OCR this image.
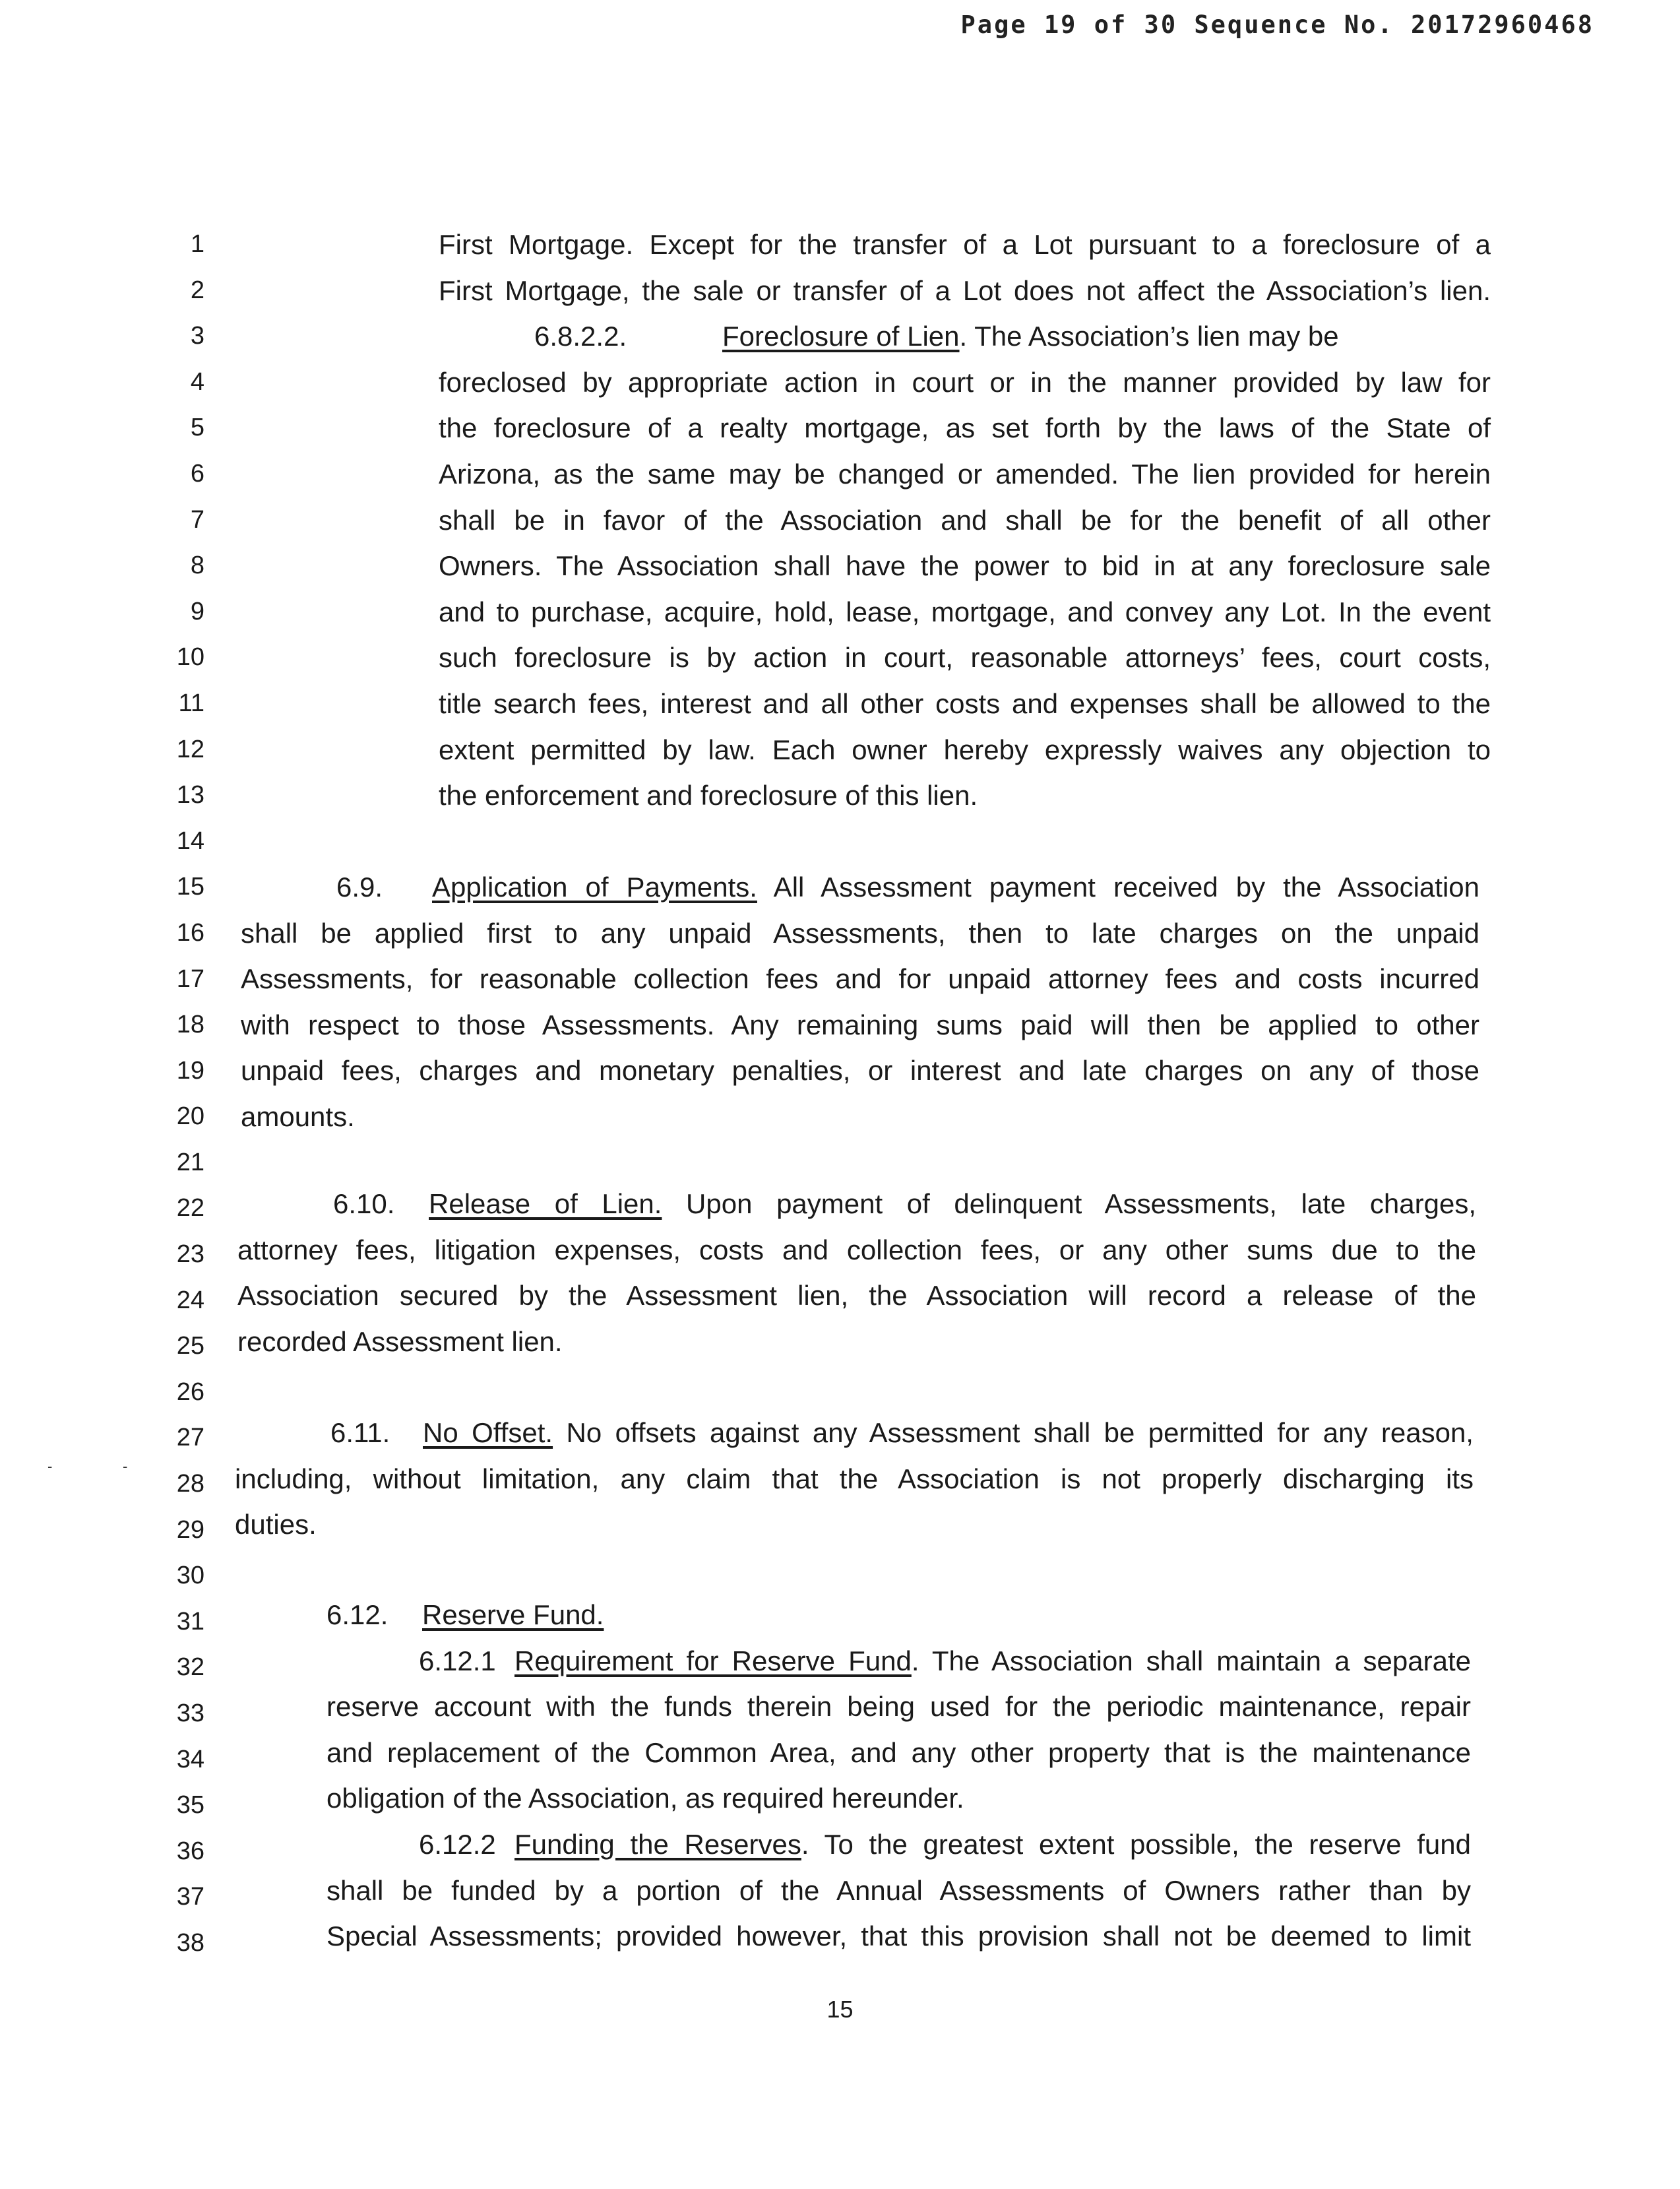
Page 19 of 30 Sequence No. 20172960468
1
2
3
4
5
6
7
8
9
10
11
12
13
14
15
16
17
18
19
20
21
22
23
24
25
26
27
28
29
30
31
32
33
34
35
36
37
38
-	-
First Mortgage. Except for the transfer of a Lot pursuant to a foreclosure of a
First Mortgage, the sale or transfer of a Lot does not affect the Association’s lien.
6.8.2.2.	Foreclosure of Lien. The Association’s lien may be
foreclosed by appropriate action in court or in the manner provided by law for
the foreclosure of a realty mortgage, as set forth by the laws of the State of
Arizona, as the same may be changed or amended. The lien provided for herein
shall be in favor of the Association and shall be for the benefit of all other
Owners. The Association shall have the power to bid in at any foreclosure sale
and to purchase, acquire, hold, lease, mortgage, and convey any Lot. In the event
such foreclosure is by action in court, reasonable attorneys’ fees, court costs,
title search fees, interest and all other costs and expenses shall be allowed to the
extent permitted by law. Each owner hereby expressly waives any objection to
the enforcement and foreclosure of this lien.
6.9. Application of Payments. All Assessment payment received by the Association
shall be applied first to any unpaid Assessments, then to late charges on the unpaid
Assessments, for reasonable collection fees and for unpaid attorney fees and costs incurred
with respect to those Assessments. Any remaining sums paid will then be applied to other
unpaid fees, charges and monetary penalties, or interest and late charges on any of those
amounts.
6.10. Release of Lien. Upon payment of delinquent Assessments, late charges,
attorney fees, litigation expenses, costs and collection fees, or any other sums due to the
Association secured by the Assessment lien, the Association will record a release of the
recorded Assessment lien.
6.11. No Offset. No offsets against any Assessment shall be permitted for any reason,
including, without limitation, any claim that the Association is not properly discharging its
duties.
6.12. Reserve Fund.
6.12.1 Requirement for Reserve Fund. The Association shall maintain a separate
reserve account with the funds therein being used for the periodic maintenance, repair
and replacement of the Common Area, and any other property that is the maintenance
obligation of the Association, as required hereunder.
6.12.2 Funding the Reserves. To the greatest extent possible, the reserve fund
shall be funded by a portion of the Annual Assessments of Owners rather than by
Special Assessments; provided however, that this provision shall not be deemed to limit
15
